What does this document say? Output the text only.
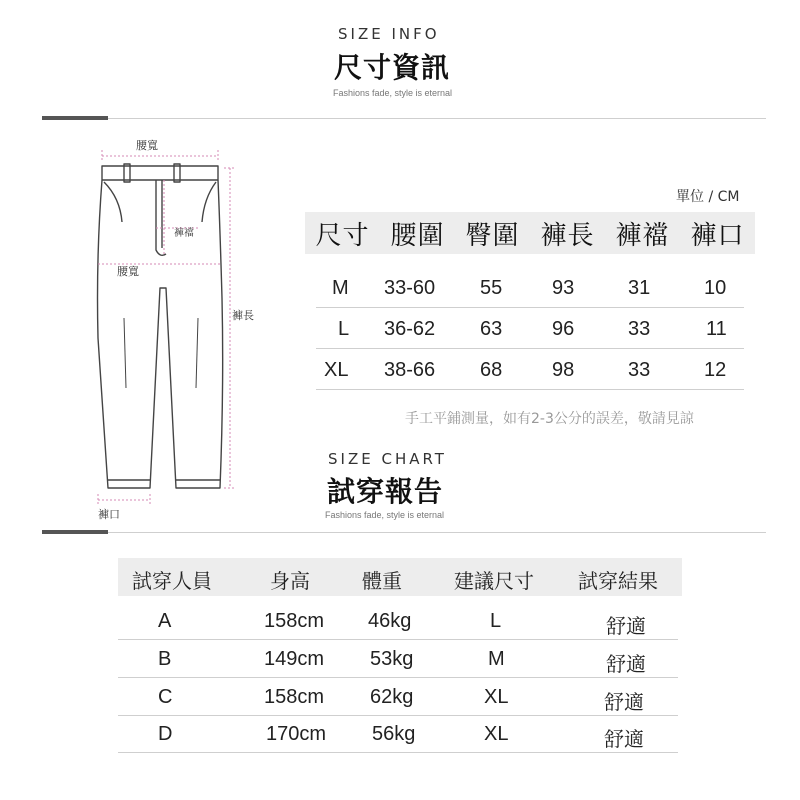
SIZE INFO
尺寸資訊
Fashions fade, style is eternal
腰寬
褲襠
腰寬
褲長
褲口
單位 / CM
尺寸 腰圍 臀圍 褲長 褲襠 褲口
M 33-60 55 93	31	10
L 36-62 63 96	33	11
XL 38-66 68 98	33	12
手工平鋪測量，如有2-3公分的誤差，敬請見諒
SIZE CHART
試穿報告
Fashions fade, style is eternal
試穿人員	身高	體重	建議尺寸 試穿結果
A	158cm 46kg	L	舒適
B	149cm 53kg	M	舒適
C	158cm 62kg	XL	舒適
D	170cm 56kg	XL	舒適
